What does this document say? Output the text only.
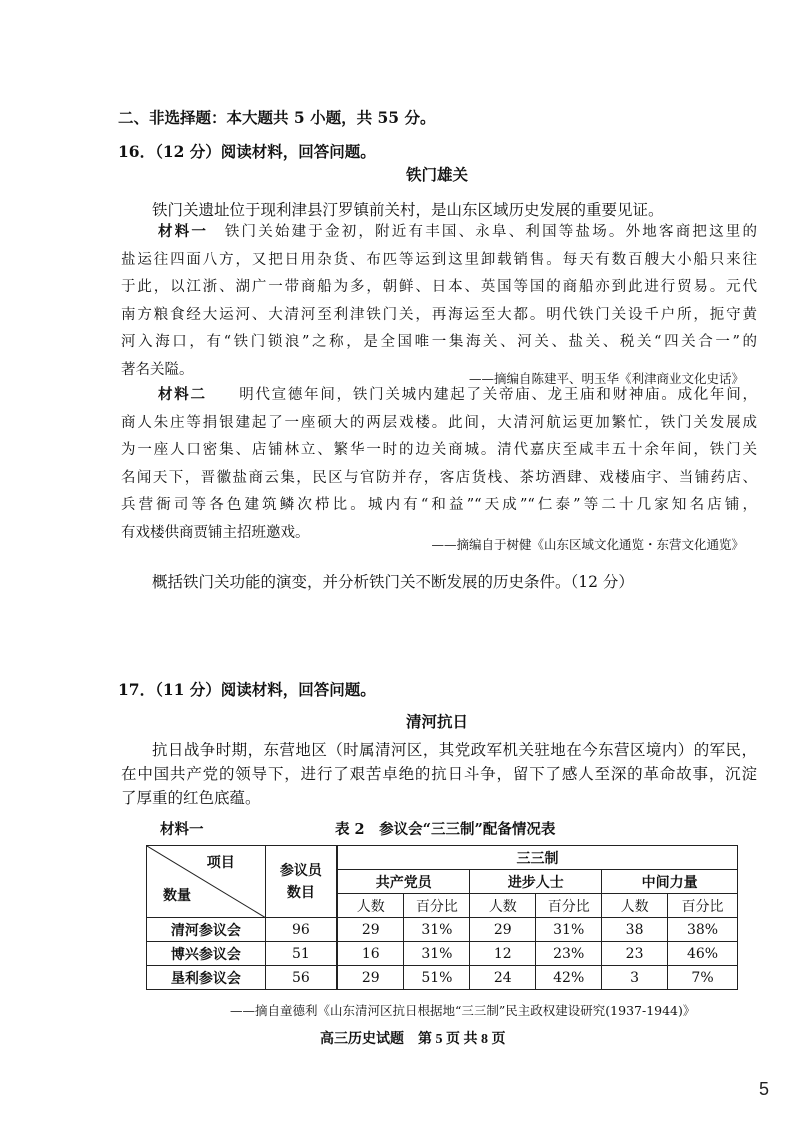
二、非选择题：本大题共 5 小题，共 55 分。
16．（12 分）阅读材料，回答问题。
铁门雄关
铁门关遗址位于现利津县汀罗镇前关村，是山东区域历史发展的重要见证。
材料一　 铁门关始建于金初，附近有丰国、永阜、利国等盐场。外地客商把这里的
盐运往四面八方，又把日用杂货、布匹等运到这里卸载销售。每天有数百艘大小船只来往
于此，以江浙、湖广一带商船为多，朝鲜、日本、英国等国的商船亦到此进行贸易。元代
南方粮食经大运河、大清河至利津铁门关，再海运至大都。明代铁门关设千户所，扼守黄
河入海口，有“铁门锁浪”之称，是全国唯一集海关、河关、盐关、税关“四关合一”的
著名关隘。
——摘编自陈建平、明玉华《利津商业文化史话》
材料二　　 明代宣德年间，铁门关城内建起了关帝庙、龙王庙和财神庙。成化年间，
商人朱庄等捐银建起了一座硕大的两层戏楼。此间，大清河航运更加繁忙，铁门关发展成
为一座人口密集、店铺林立、繁华一时的边关商城。清代嘉庆至咸丰五十余年间，铁门关
名闻天下，晋徽盐商云集，民区与官防并存，客店货栈、茶坊酒肆、戏楼庙宇、当铺药店、
兵营衙司等各色建筑鳞次栉比。城内有“和益”“天成”“仁泰”等二十几家知名店铺，
有戏楼供商贾铺主招班邀戏。
——摘编自于树健《山东区域文化通览・东营文化通览》
概括铁门关功能的演变，并分析铁门关不断发展的历史条件。（12 分）
17．（11 分）阅读材料，回答问题。
清河抗日
抗日战争时期，东营地区（时属清河区，其党政军机关驻地在今东营区境内）的军民，
在中国共产党的领导下，进行了艰苦卓绝的抗日斗争，留下了感人至深的革命故事，沉淀
了厚重的红色底蕴。
材料一	表 2　参议会“三三制”配备情况表
项目
数量	参议员
数目	三三制					
		共产党员		进步人士		中间力量	
		人数	百分比	人数	百分比	人数	百分比
清河参议会	96	29	31%	29	31%	38	38%
博兴参议会	51	16	31%	12	23%	23	46%
垦利参议会	56	29	51%	24	42%	3	7%
——摘自童德利《山东清河区抗日根据地“三三制”民主政权建设研究(1937-1944)》
高三历史试题　第 5 页 共 8 页
5
